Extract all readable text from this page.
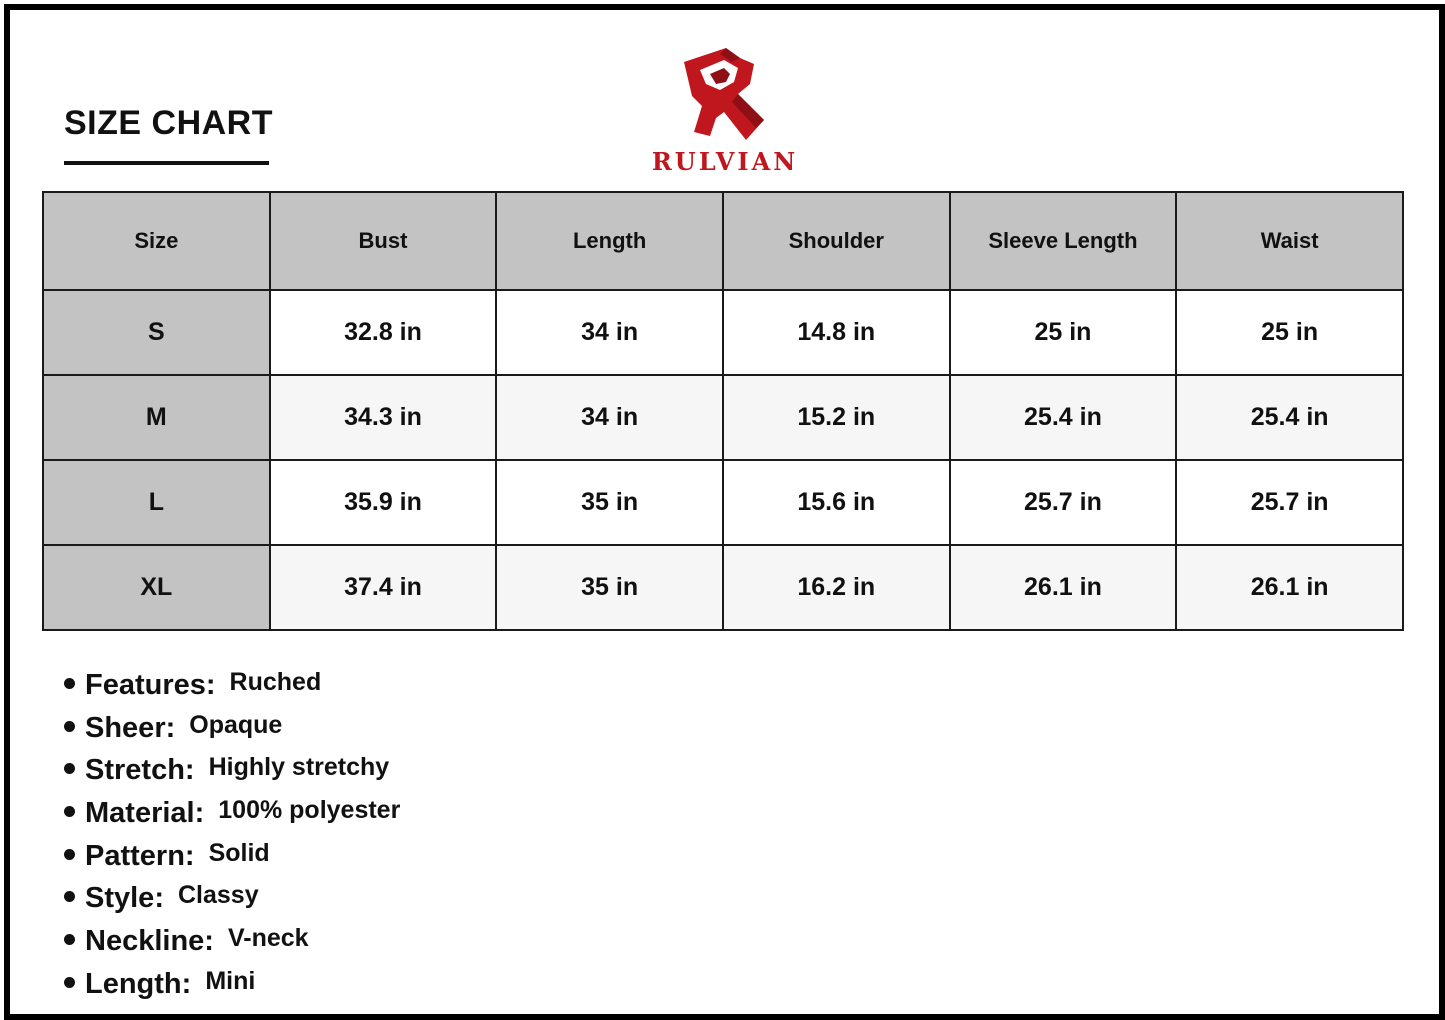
SIZE CHART
RULVIAN
Size	Bust	Length	Shoulder	Sleeve Length	Waist
S	32.8 in	34 in	14.8 in	25 in	25 in
M	34.3 in	34 in	15.2 in	25.4 in	25.4 in
L	35.9 in	35 in	15.6 in	25.7 in	25.7 in
XL	37.4 in	35 in	16.2 in	26.1 in	26.1 in
Features: Ruched
Sheer: Opaque
Stretch: Highly stretchy
Material: 100% polyester
Pattern: Solid
Style: Classy
Neckline: V-neck
Length: Mini
